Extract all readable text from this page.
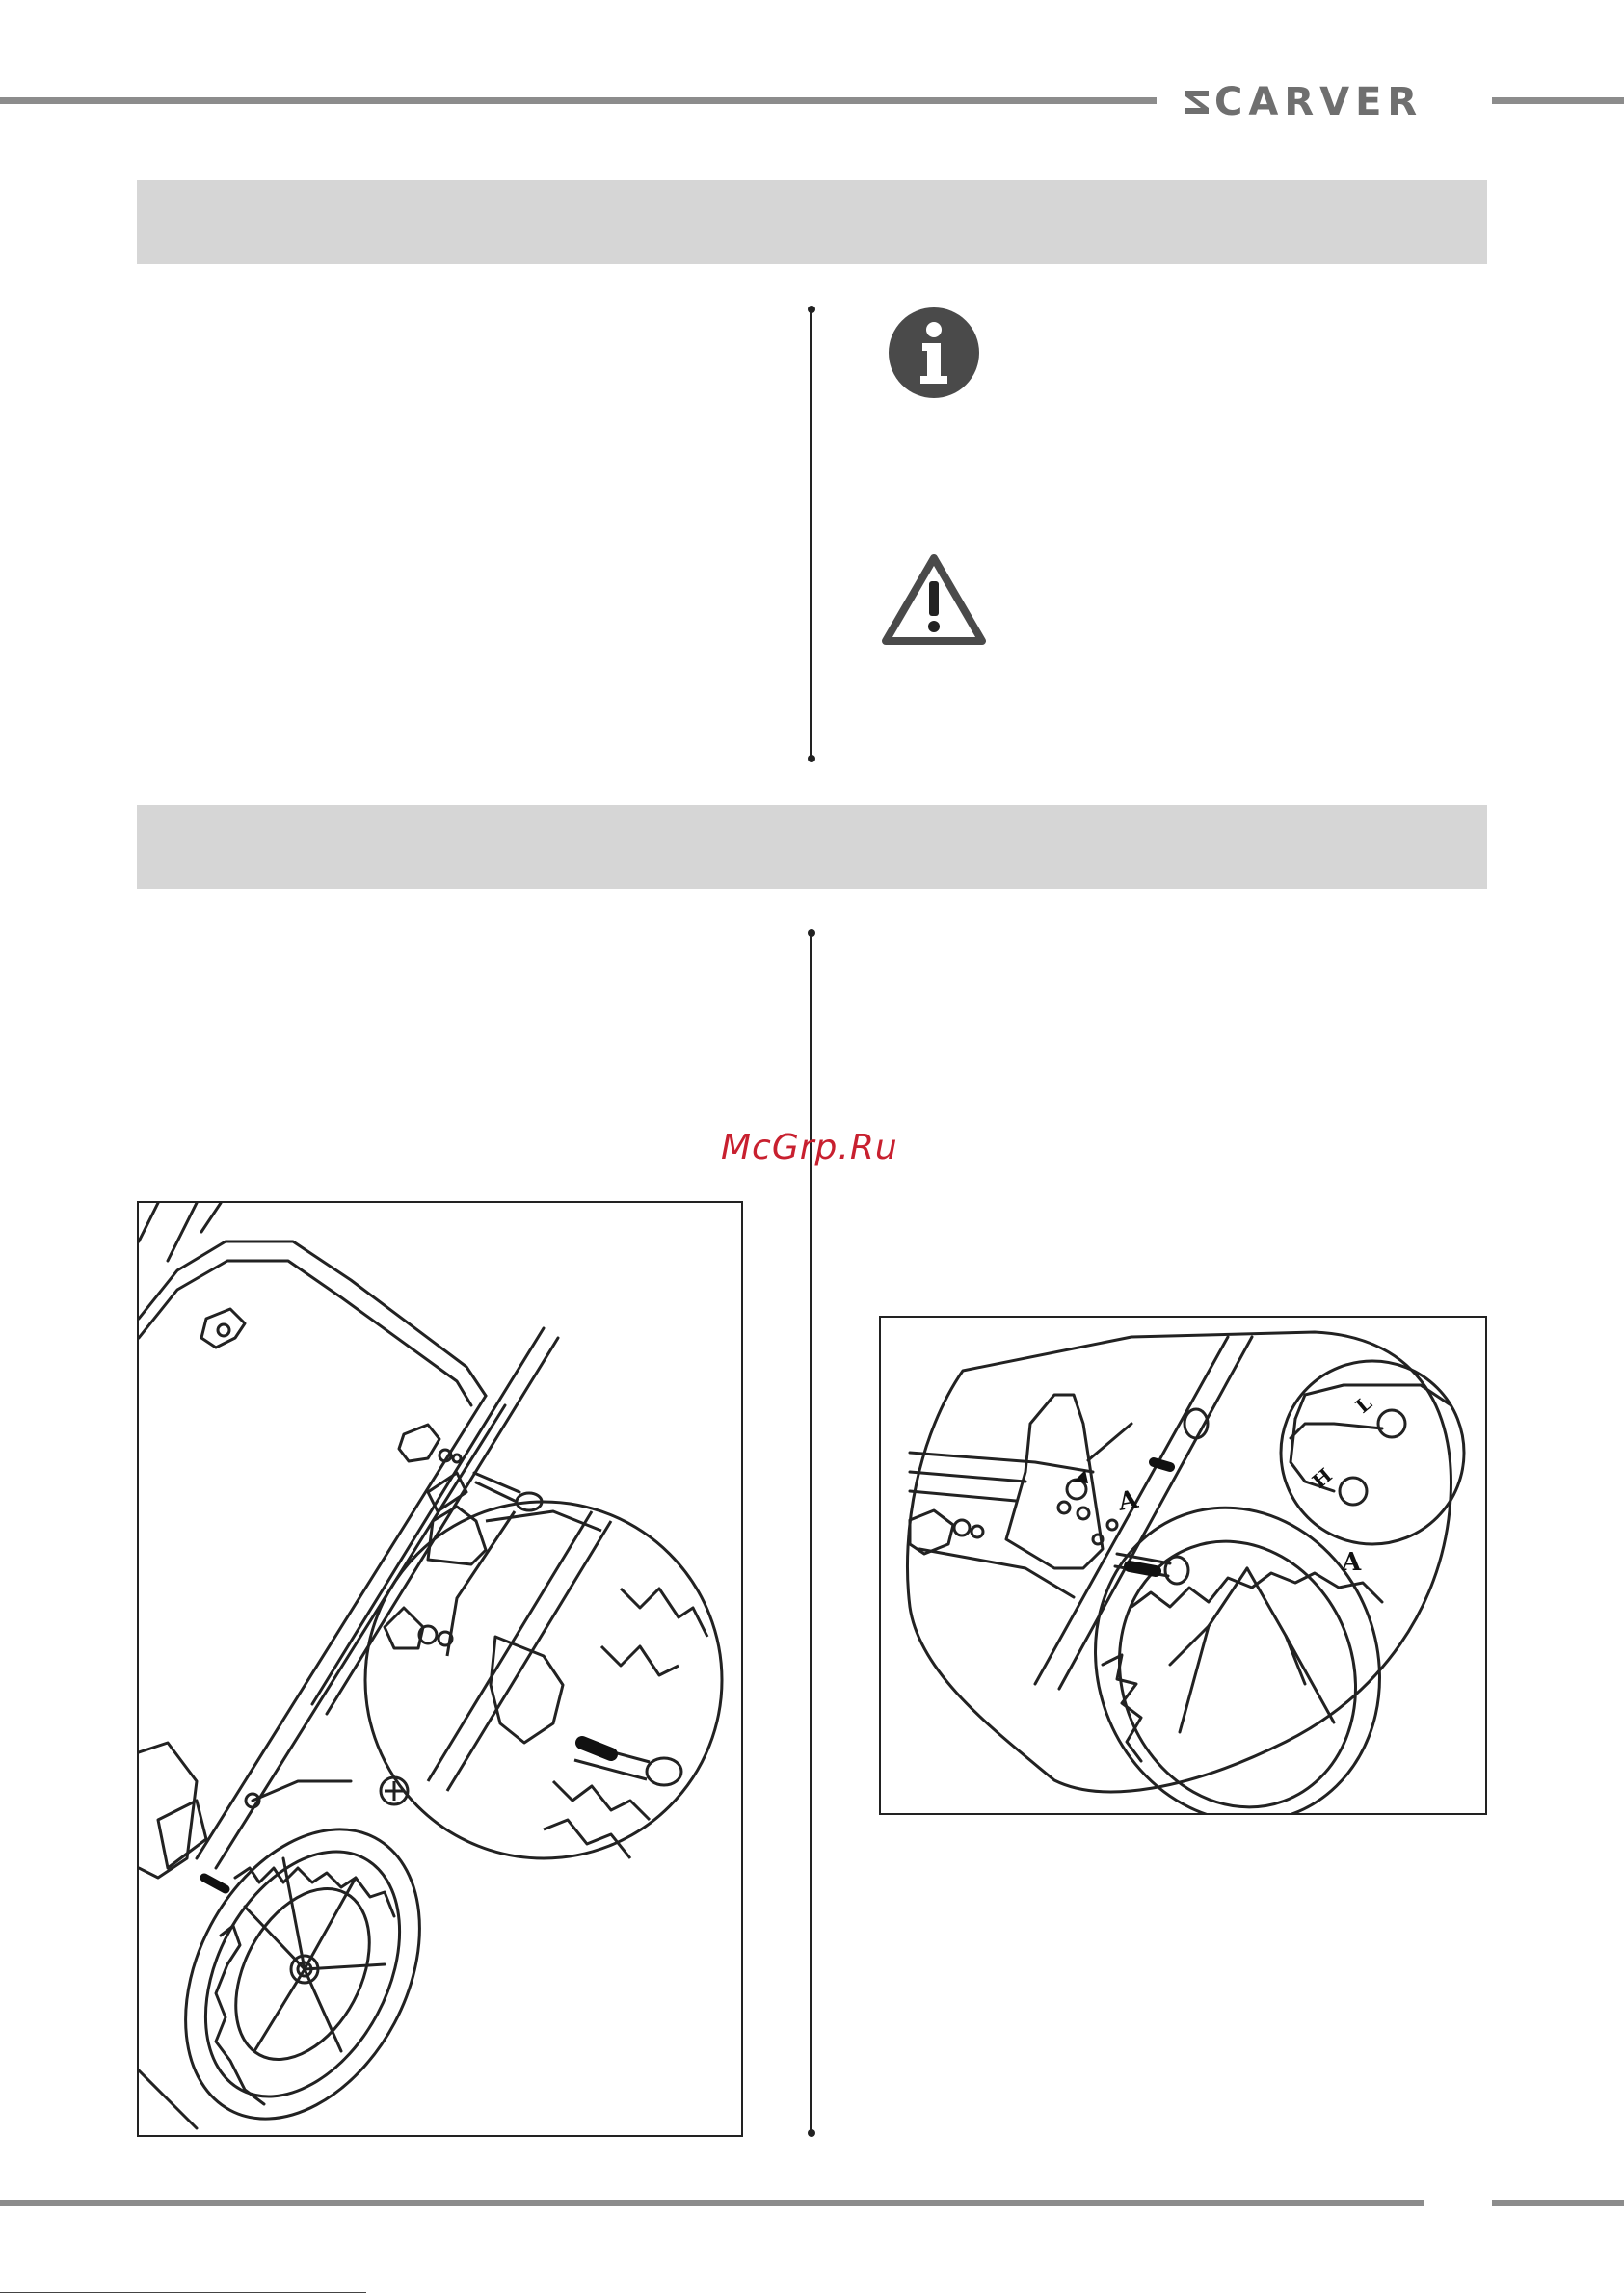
CARVER
McGrp.Ru
A
A
L
H
